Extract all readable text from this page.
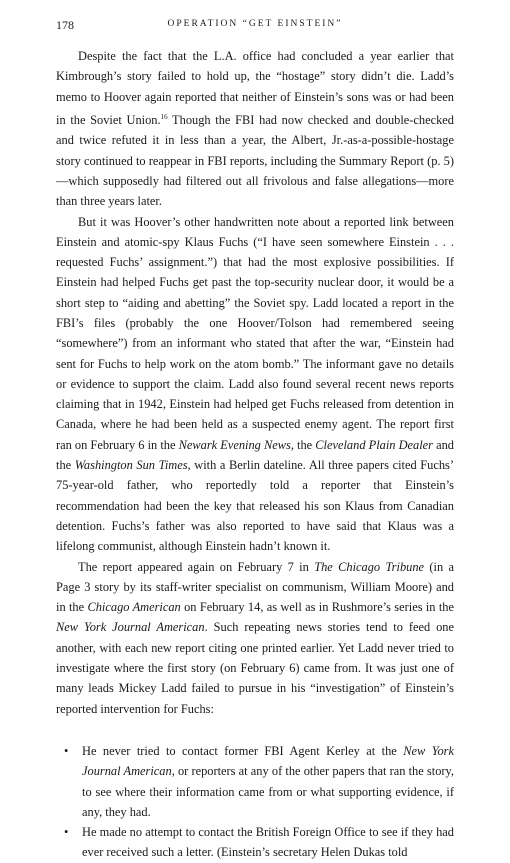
178	OPERATION “GET EINSTEIN”

Despite the fact that the L.A. office had concluded a year earlier that Kimbrough’s story failed to hold up, the “hostage” story didn’t die. Ladd’s memo to Hoover again reported that neither of Einstein’s sons was or had been in the Soviet Union.$^{16}$ Though the FBI had now checked and double-checked and twice refuted it in less than a year, the Albert, Jr.-as-a-possible-hostage story continued to reappear in FBI reports, including the Summary Report (p. 5)—which supposedly had filtered out all frivolous and false allegations—more than three years later.

But it was Hoover’s other handwritten note about a reported link between Einstein and atomic-spy Klaus Fuchs (“I have seen somewhere Einstein . . . requested Fuchs’ assignment.”) that had the most explosive possibilities. If Einstein had helped Fuchs get past the top-security nuclear door, it would be a short step to “aiding and abetting” the Soviet spy. Ladd located a report in the FBI’s files (probably the one Hoover/Tolson had remembered seeing “somewhere”) from an informant who stated that after the war, “Einstein had sent for Fuchs to help work on the atom bomb.” The informant gave no details or evidence to support the claim. Ladd also found several recent news reports claiming that in 1942, Einstein had helped get Fuchs released from detention in Canada, where he had been held as a suspected enemy agent. The report first ran on February 6 in the Newark Evening News, the Cleveland Plain Dealer and the Washington Sun Times, with a Berlin dateline. All three papers cited Fuchs’ 75-year-old father, who reportedly told a reporter that Einstein’s recommendation had been the key that released his son Klaus from Canadian detention. Fuchs’s father was also reported to have said that Klaus was a lifelong communist, although Einstein hadn’t known it.

The report appeared again on February 7 in The Chicago Tribune (in a Page 3 story by its staff-writer specialist on communism, William Moore) and in the Chicago American on February 14, as well as in Rushmore’s series in the New York Journal American. Such repeating news stories tend to feed one another, with each new report citing one printed earlier. Yet Ladd never tried to investigate where the first story (on February 6) came from. It was just one of many leads Mickey Ladd failed to pursue in his “investigation” of Einstein’s reported intervention for Fuchs:

• He never tried to contact former FBI Agent Kerley at the New York Journal American, or reporters at any of the other papers that ran the story, to see where their information came from or what supporting evidence, if any, they had.
• He made no attempt to contact the British Foreign Office to see if they had ever received such a letter. (Einstein’s secretary Helen Dukas told
